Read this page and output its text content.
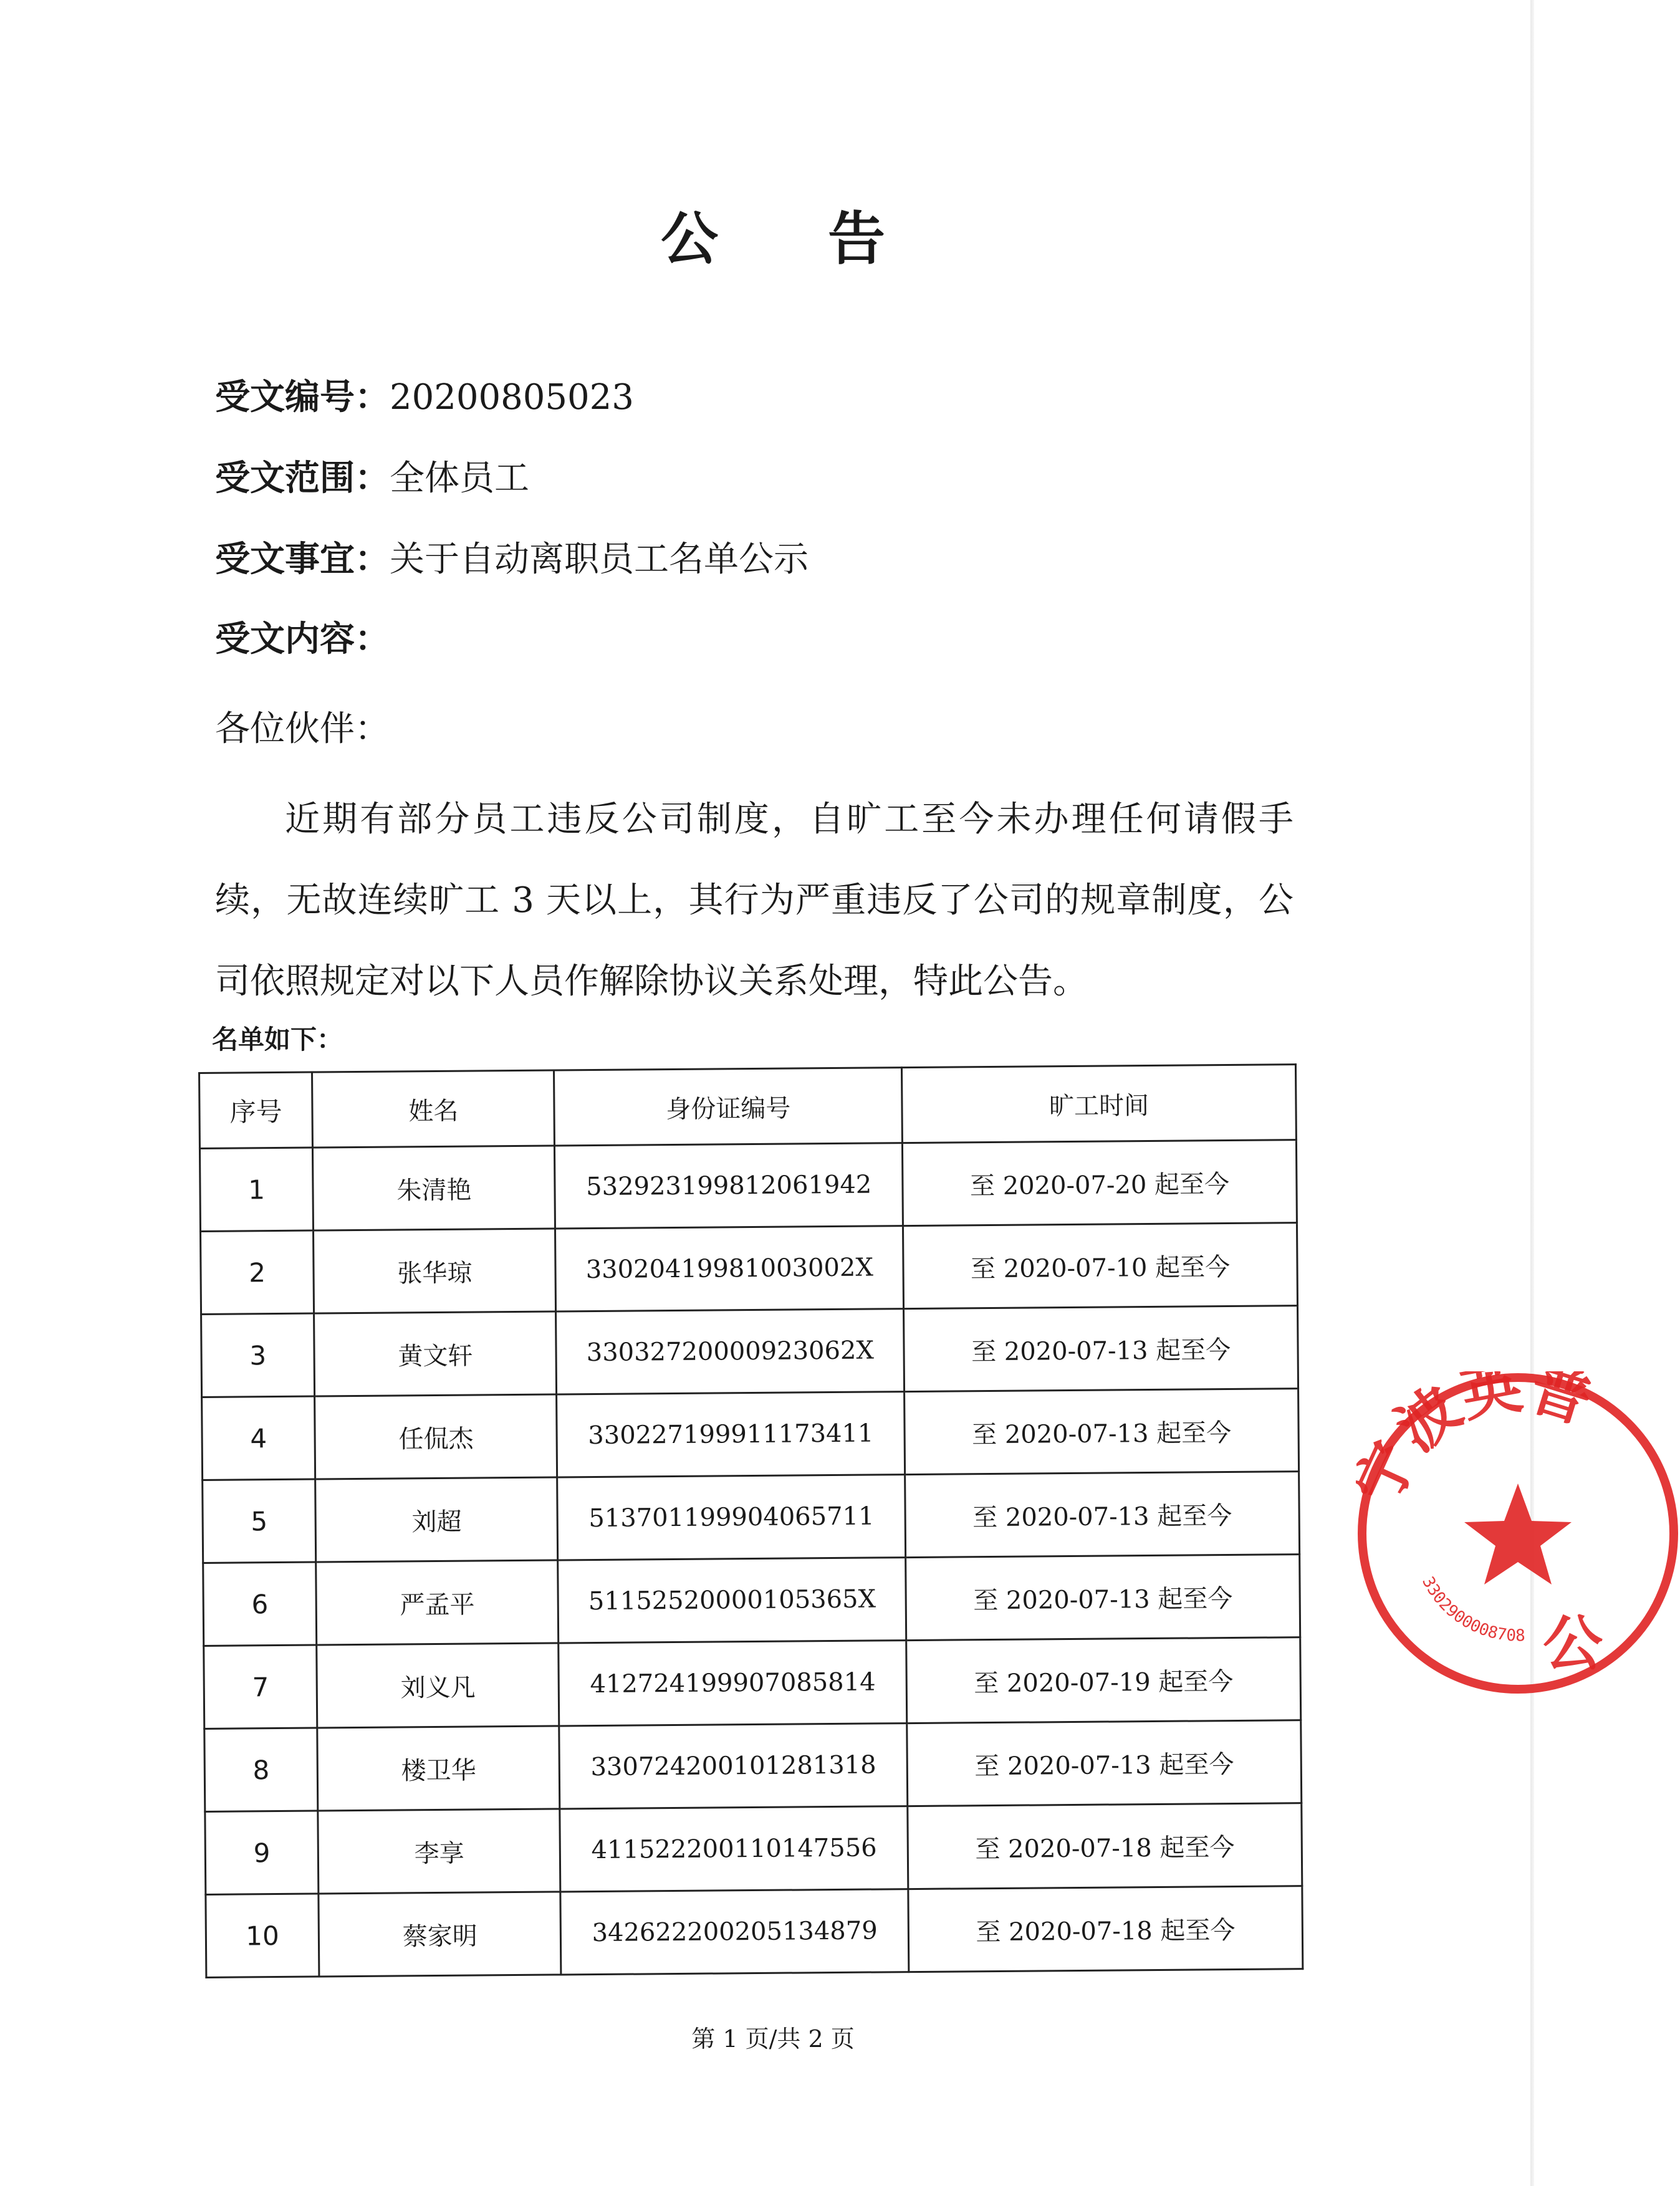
公 告
受文编号：20200805023
受文范围：全体员工
受文事宜：关于自动离职员工名单公示
受文内容：
各位伙伴：

近期有部分员工违反公司制度，自旷工至今未办理任何请假手续，无故连续旷工 3 天以上，其行为严重违反了公司的规章制度，公司依照规定对以下人员作解除协议关系处理，特此公告。

名单如下：
序号	姓名	身份证编号	旷工时间
1	朱清艳	532923199812061942	至 2020-07-20 起至今
2	张华琼	33020419981003002X	至 2020-07-10 起至今
3	黄文轩	33032720000923062X	至 2020-07-13 起至今
4	任侃杰	330227199911173411	至 2020-07-13 起至今
5	刘超	513701199904065711	至 2020-07-13 起至今
6	严孟平	51152520000105365X	至 2020-07-13 起至今
7	刘义凡	412724199907085814	至 2020-07-19 起至今
8	楼卫华	330724200101281318	至 2020-07-13 起至今
9	李享	411522200110147556	至 2020-07-18 起至今
10	蔡家明	342622200205134879	至 2020-07-18 起至今
波英普
3302900008708 公
第 1 页/共 2 页
